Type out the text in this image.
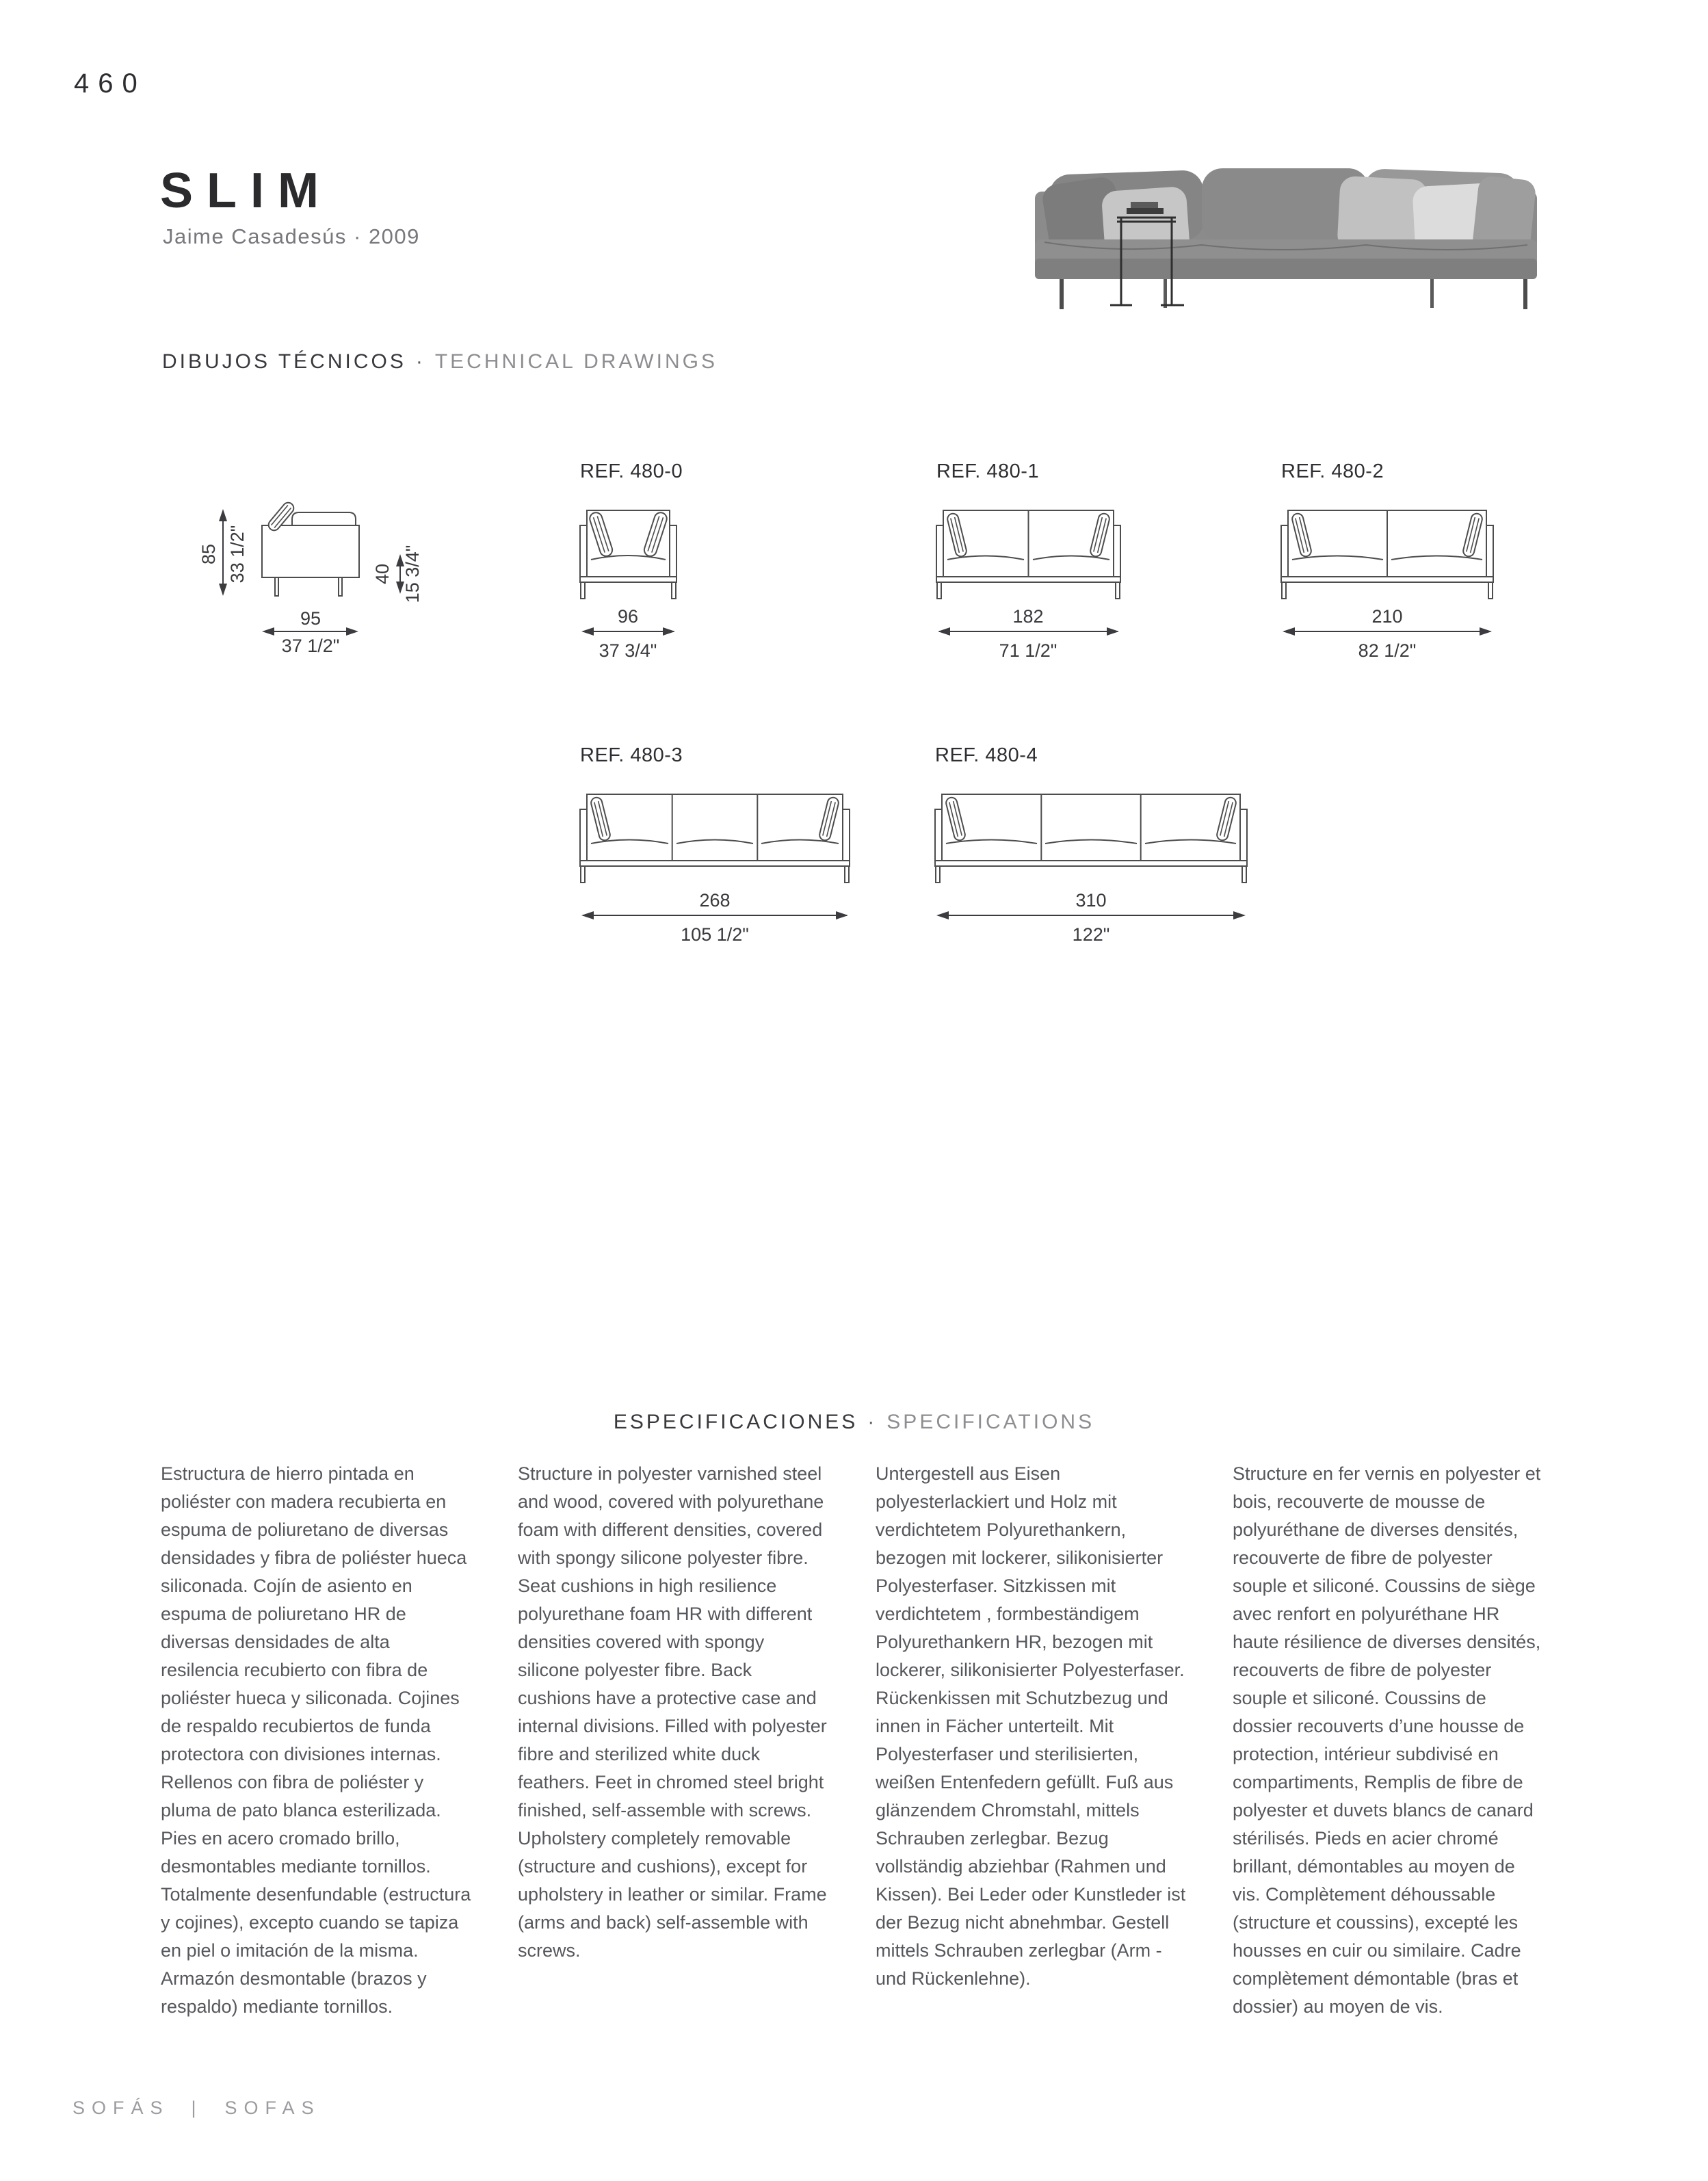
460
SLIM
Jaime Casadesús · 2009
DIBUJOS TÉCNICOS · TECHNICAL DRAWINGS
85 33 1/2"	40 15 3/4"
95
37 1/2"
REF. 480-0
96
37 3/4"
REF. 480-1
182
71 1/2"
REF. 480-2
210
82 1/2"
REF. 480-3
268
105 1/2"
REF. 480-4
310
122"
ESPECIFICACIONES · SPECIFICATIONS
Estructura de hierro pintada en poliéster con madera recubierta en espuma de poliuretano de diversas densidades y fibra de poliéster hueca siliconada. Cojín de asiento en espuma de poliuretano HR de diversas densidades de alta resilencia recubierto con fibra de poliéster hueca y siliconada. Cojines de respaldo recubiertos de funda protectora con divisiones internas. Rellenos con fibra de poliéster y pluma de pato blanca esterilizada. Pies en acero cromado brillo, desmontables mediante tornillos. Totalmente desenfundable (estructura y cojines), excepto cuando se tapiza en piel o imitación de la misma. Armazón desmontable (brazos y respaldo) mediante tornillos.
Structure in polyester varnished steel and wood, covered with polyurethane foam with different densities, covered with spongy silicone polyester fibre. Seat cushions in high resilience polyurethane foam HR with different densities covered with spongy silicone polyester fibre. Back cushions have a protective case and internal divisions. Filled with polyester fibre and sterilized white duck feathers. Feet in chromed steel bright finished, self-assemble with screws. Upholstery completely removable (structure and cushions), except for upholstery in leather or similar. Frame (arms and back) self-assemble with screws.
Untergestell aus Eisen polyesterlackiert und Holz mit verdichtetem Polyurethankern, bezogen mit lockerer, silikonisierter Polyesterfaser. Sitzkissen mit verdichtetem , formbeständigem Polyurethankern HR, bezogen mit lockerer, silikonisierter Polyesterfaser. Rückenkissen mit Schutzbezug und innen in Fächer unterteilt. Mit Polyesterfaser und sterilisierten, weißen Entenfedern gefüllt. Fuß aus glänzendem Chromstahl, mittels Schrauben zerlegbar. Bezug vollständig abziehbar (Rahmen und Kissen). Bei Leder oder Kunstleder ist der Bezug nicht abnehmbar. Gestell mittels Schrauben zerlegbar (Arm - und Rückenlehne).
Structure en fer vernis en polyester et bois, recouverte de mousse de polyuréthane de diverses densités, recouverte de fibre de polyester souple et siliconé. Coussins de siège avec renfort en polyuréthane HR haute résilience de diverses densités, recouverts de fibre de polyester souple et siliconé. Coussins de dossier recouverts d’une housse de protection, intérieur subdivisé en compartiments, Remplis de fibre de polyester et duvets blancs de canard stérilisés. Pieds en acier chromé brillant, démontables au moyen de vis. Complètement déhoussable (structure et coussins), excepté les housses en cuir ou similaire. Cadre complètement démontable (bras et dossier) au moyen de vis.
SOFÁS | SOFAS
